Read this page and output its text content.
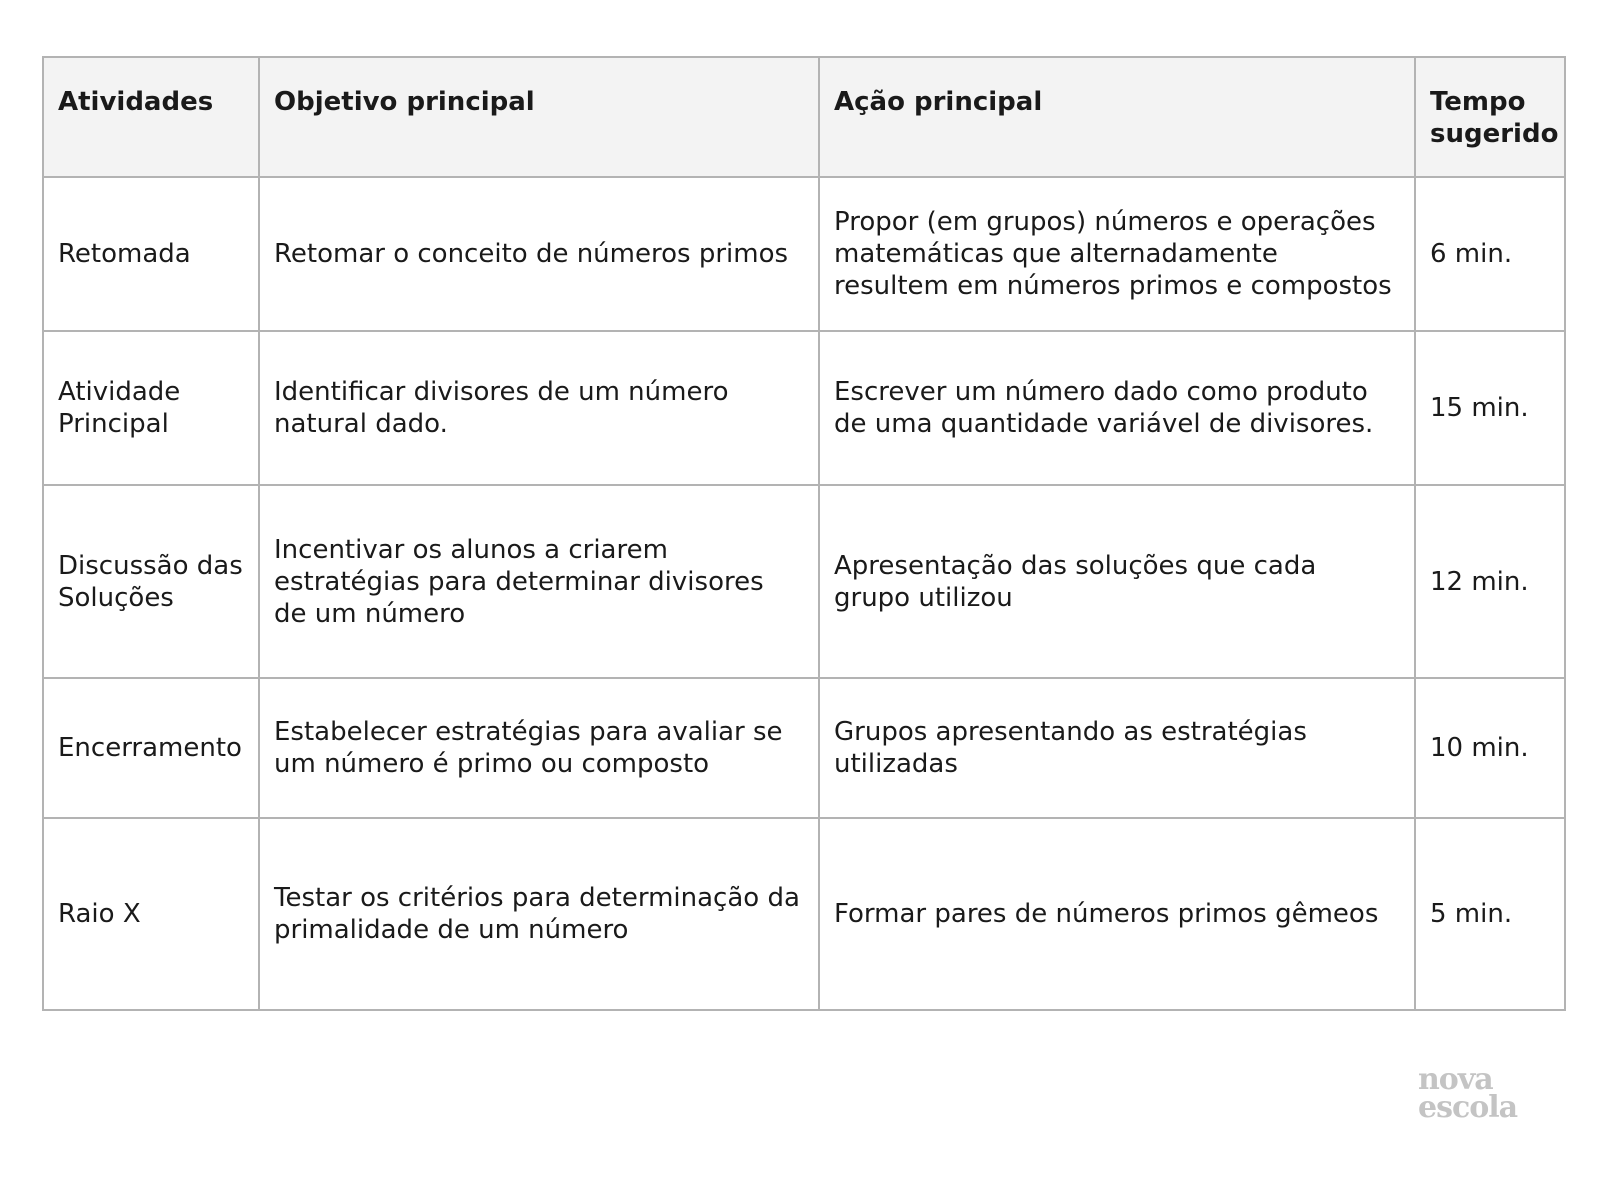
Atividades	Objetivo principal	Ação principal	Tempo sugerido
Retomada	Retomar o conceito de números primos	Propor (em grupos) números e operações matemáticas que alternadamente resultem em números primos e compostos	6 min.
Atividade Principal	Identificar divisores de um número natural dado.	Escrever um número dado como produto de uma quantidade variável de divisores.	15 min.
Discussão das Soluções	Incentivar os alunos a criarem estratégias para determinar divisores de um número	Apresentação das soluções que cada grupo utilizou	12 min.
Encerramento	Estabelecer estratégias para avaliar se um número é primo ou composto	Grupos apresentando as estratégias utilizadas	10 min.
Raio X	Testar os critérios para determinação da primalidade de um número	Formar pares de números primos gêmeos	5 min.
nova
escola
